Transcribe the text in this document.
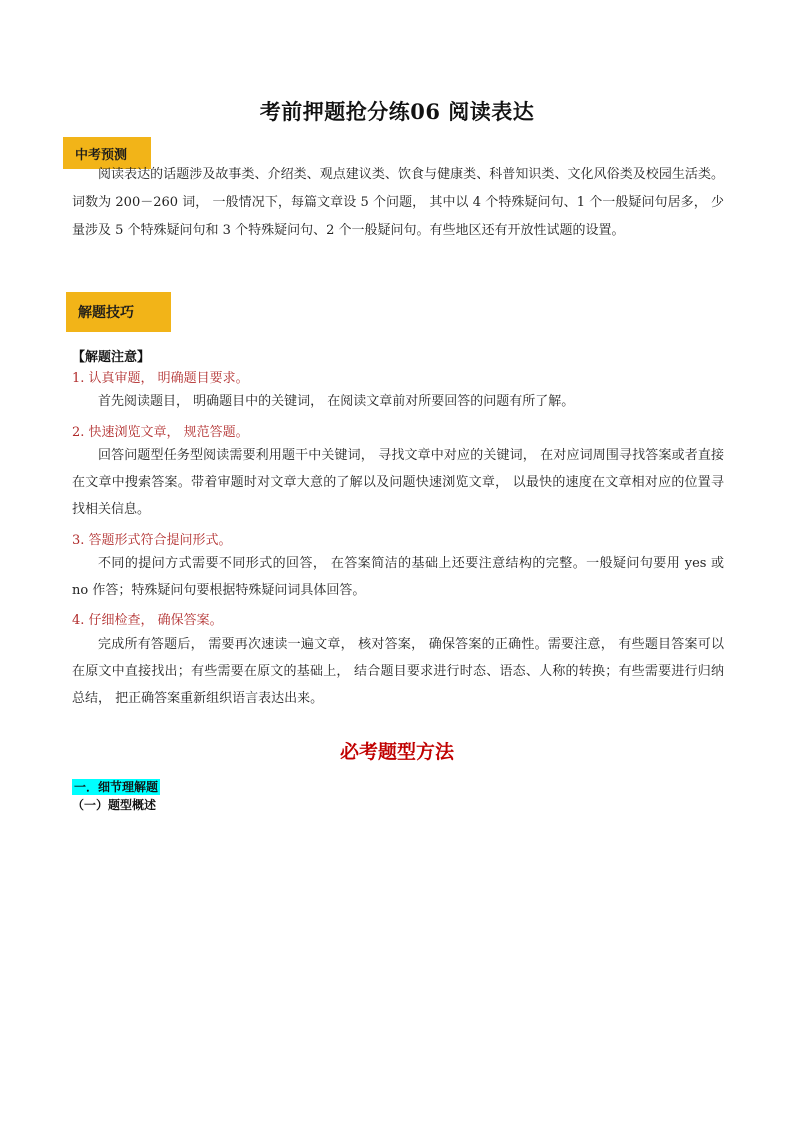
考前押题抢分练06 阅读表达
中考预测
阅读表达的话题涉及故事类、介绍类、观点建议类、饮食与健康类、科普知识类、文化风俗类及校园生活类。词数为 200－260 词， 一般情况下，每篇文章设 5 个问题， 其中以 4 个特殊疑问句、1 个一般疑问句居多， 少量涉及 5 个特殊疑问句和 3 个特殊疑问句、2 个一般疑问句。有些地区还有开放性试题的设置。
解题技巧
【解题注意】
1. 认真审题， 明确题目要求。
首先阅读题目， 明确题目中的关键词， 在阅读文章前对所要回答的问题有所了解。
2. 快速浏览文章， 规范答题。
回答问题型任务型阅读需要利用题干中关键词， 寻找文章中对应的关键词， 在对应词周围寻找答案或者直接在文章中搜索答案。带着审题时对文章大意的了解以及问题快速浏览文章， 以最快的速度在文章相对应的位置寻找相关信息。
3. 答题形式符合提问形式。
不同的提问方式需要不同形式的回答， 在答案简洁的基础上还要注意结构的完整。一般疑问句要用 yes 或 no 作答；特殊疑问句要根据特殊疑问词具体回答。
4. 仔细检查， 确保答案。
完成所有答题后， 需要再次速读一遍文章， 核对答案， 确保答案的正确性。需要注意， 有些题目答案可以在原文中直接找出；有些需要在原文的基础上， 结合题目要求进行时态、语态、人称的转换；有些需要进行归纳总结， 把正确答案重新组织语言表达出来。
必考题型方法
一．细节理解题
（一）题型概述
